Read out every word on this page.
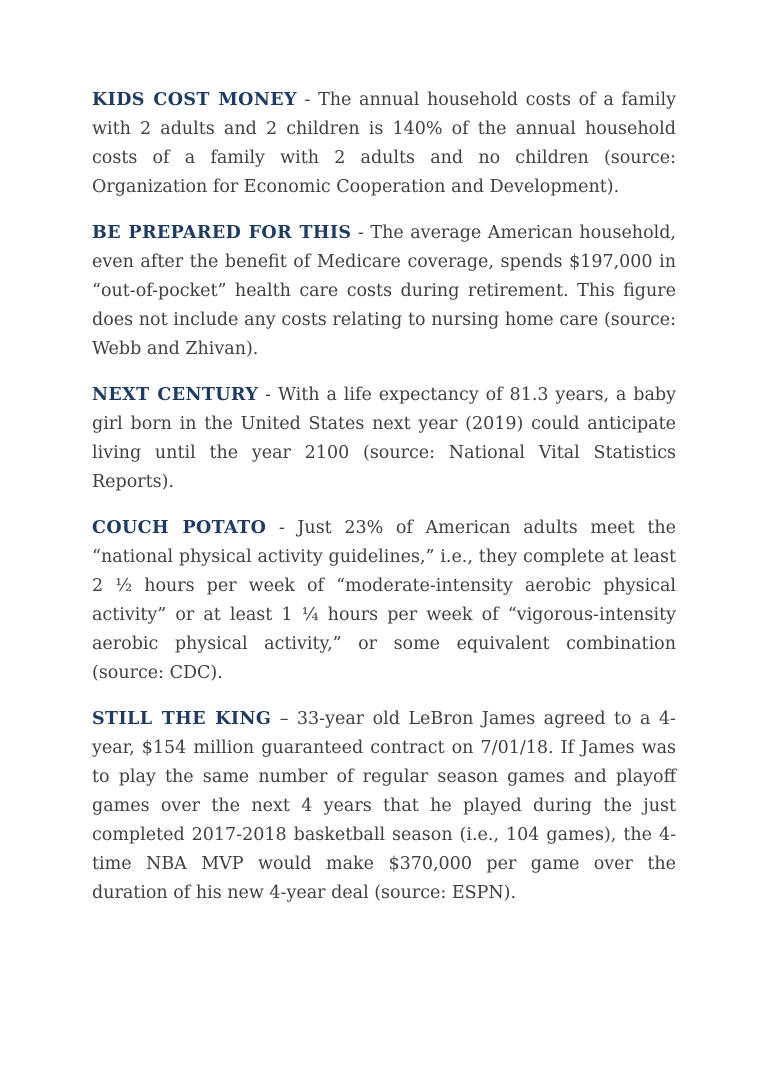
KIDS COST MONEY - The annual household costs of a family with 2 adults and 2 children is 140% of the annual household costs of a family with 2 adults and no children (source: Organization for Economic Cooperation and Development).

BE PREPARED FOR THIS - The average American household, even after the benefit of Medicare coverage, spends $197,000 in “out-of-pocket” health care costs during retirement. This figure does not include any costs relating to nursing home care (source: Webb and Zhivan).

NEXT CENTURY - With a life expectancy of 81.3 years, a baby girl born in the United States next year (2019) could anticipate living until the year 2100 (source: National Vital Statistics Reports).

COUCH POTATO - Just 23% of American adults meet the “national physical activity guidelines,” i.e., they complete at least 2 ½ hours per week of “moderate-intensity aerobic physical activity” or at least 1 ¼ hours per week of “vigorous-intensity aerobic physical activity,” or some equivalent combination (source: CDC).

STILL THE KING – 33-year old LeBron James agreed to a 4-year, $154 million guaranteed contract on 7/01/18. If James was to play the same number of regular season games and playoff games over the next 4 years that he played during the just completed 2017-2018 basketball season (i.e., 104 games), the 4-time NBA MVP would make $370,000 per game over the duration of his new 4-year deal (source: ESPN).
